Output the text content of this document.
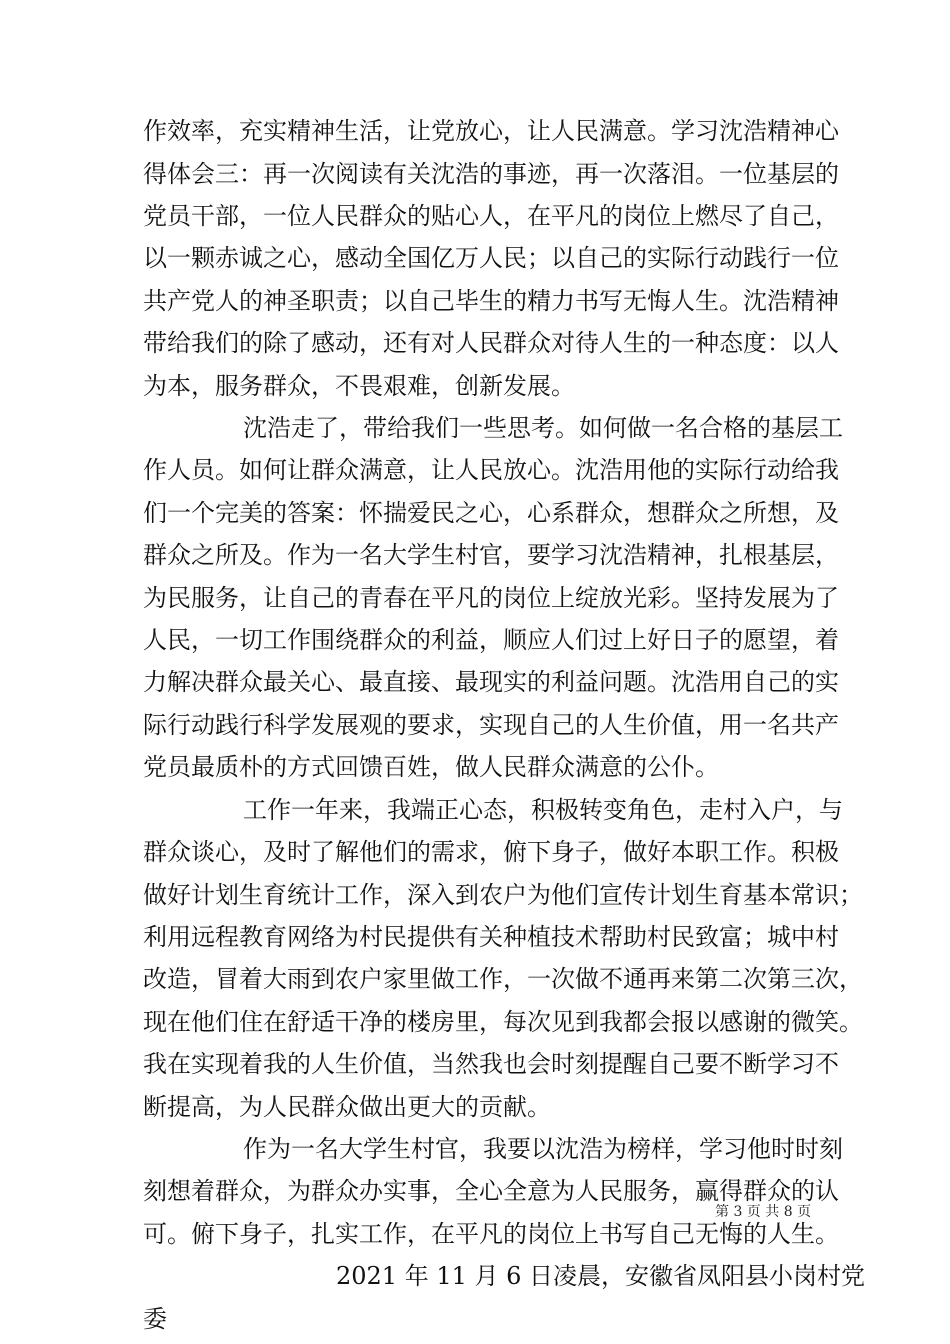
作效率，充实精神生活，让党放心，让人民满意。学习沈浩精神心
得体会三：再一次阅读有关沈浩的事迹，再一次落泪。一位基层的
党员干部，一位人民群众的贴心人，在平凡的岗位上燃尽了自己，
以一颗赤诚之心，感动全国亿万人民；以自己的实际行动践行一位
共产党人的神圣职责；以自己毕生的精力书写无悔人生。沈浩精神
带给我们的除了感动，还有对人民群众对待人生的一种态度：以人
为本，服务群众，不畏艰难，创新发展。
沈浩走了，带给我们一些思考。如何做一名合格的基层工
作人员。如何让群众满意，让人民放心。沈浩用他的实际行动给我
们一个完美的答案：怀揣爱民之心，心系群众，想群众之所想，及
群众之所及。作为一名大学生村官，要学习沈浩精神，扎根基层，
为民服务，让自己的青春在平凡的岗位上绽放光彩。坚持发展为了
人民，一切工作围绕群众的利益，顺应人们过上好日子的愿望，着
力解决群众最关心、最直接、最现实的利益问题。沈浩用自己的实
际行动践行科学发展观的要求，实现自己的人生价值，用一名共产
党员最质朴的方式回馈百姓，做人民群众满意的公仆。
工作一年来，我端正心态，积极转变角色，走村入户，与
群众谈心，及时了解他们的需求，俯下身子，做好本职工作。积极
做好计划生育统计工作，深入到农户为他们宣传计划生育基本常识；
利用远程教育网络为村民提供有关种植技术帮助村民致富；城中村
改造，冒着大雨到农户家里做工作，一次做不通再来第二次第三次，
现在他们住在舒适干净的楼房里，每次见到我都会报以感谢的微笑。
我在实现着我的人生价值，当然我也会时刻提醒自己要不断学习不
断提高，为人民群众做出更大的贡献。
作为一名大学生村官，我要以沈浩为榜样，学习他时时刻
刻想着群众，为群众办实事，全心全意为人民服务，赢得群众的认
可。俯下身子，扎实工作，在平凡的岗位上书写自己无悔的人生。
2021 年 11 月 6 日凌晨，安徽省凤阳县小岗村党
委
第 3 页 共 8 页
